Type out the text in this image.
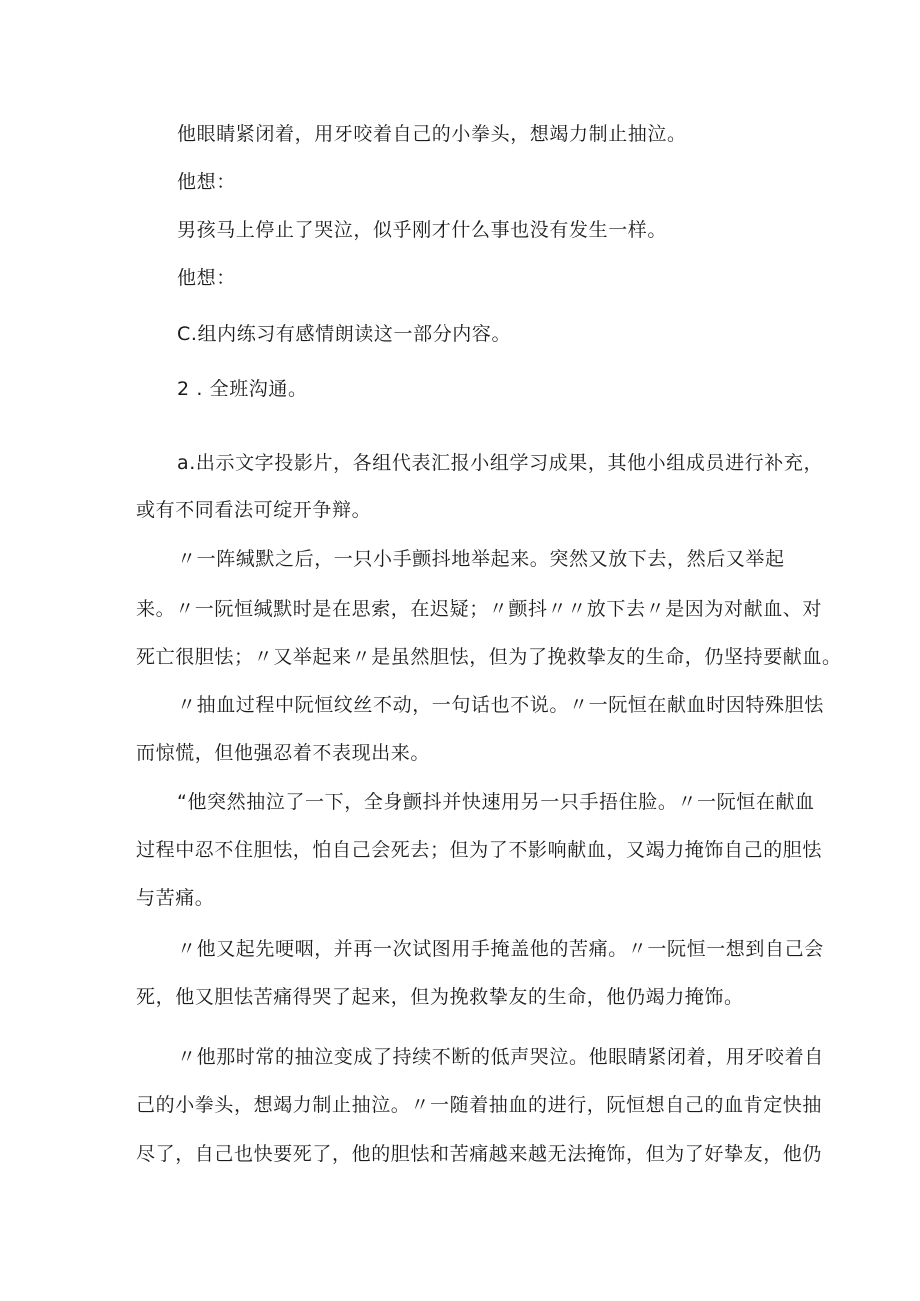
他眼睛紧闭着，用牙咬着自己的小拳头，想竭力制止抽泣。
他想：
男孩马上停止了哭泣，似乎刚才什么事也没有发生一样。
他想：
C.组内练习有感情朗读这一部分内容。
2 . 全班沟通。
a.出示文字投影片，各组代表汇报小组学习成果，其他小组成员进行补充，
或有不同看法可绽开争辩。
〃一阵缄默之后，一只小手颤抖地举起来。突然又放下去，然后又举起
来。〃一阮恒缄默时是在思索，在迟疑；〃颤抖〃〃放下去〃是因为对献血、对
死亡很胆怯；〃又举起来〃是虽然胆怯，但为了挽救挚友的生命，仍坚持要献血。
〃抽血过程中阮恒纹丝不动，一句话也不说。〃一阮恒在献血时因特殊胆怯
而惊慌，但他强忍着不表现出来。
“他突然抽泣了一下，全身颤抖并快速用另一只手捂住脸。〃一阮恒在献血
过程中忍不住胆怯，怕自己会死去；但为了不影响献血，又竭力掩饰自己的胆怯
与苦痛。
〃他又起先哽咽，并再一次试图用手掩盖他的苦痛。〃一阮恒一想到自己会
死，他又胆怯苦痛得哭了起来，但为挽救挚友的生命，他仍竭力掩饰。
〃他那时常的抽泣变成了持续不断的低声哭泣。他眼睛紧闭着，用牙咬着自
己的小拳头，想竭力制止抽泣。〃一随着抽血的进行，阮恒想自己的血肯定快抽
尽了，自己也快要死了，他的胆怯和苦痛越来越无法掩饰，但为了好挚友，他仍
